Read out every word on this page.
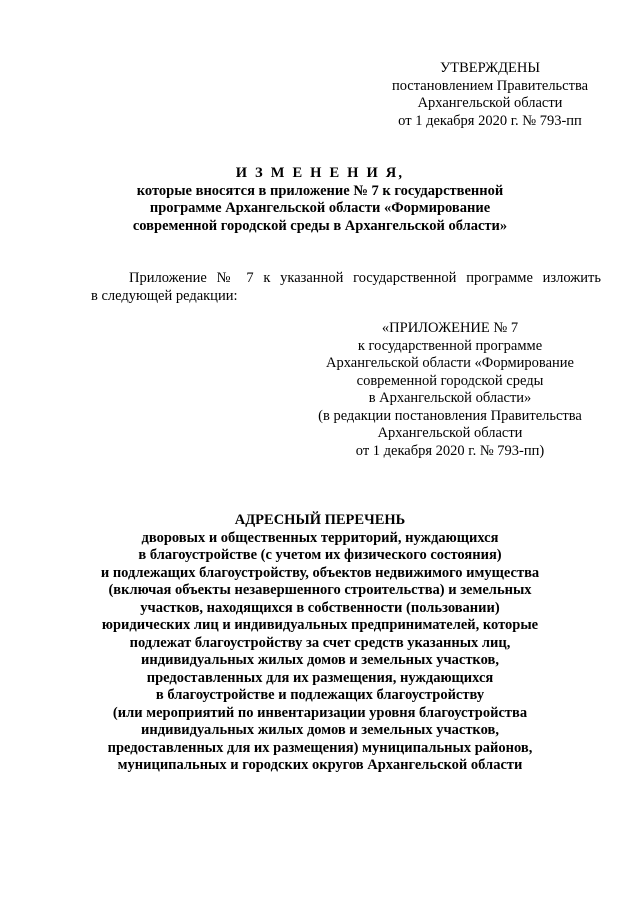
УТВЕРЖДЕНЫ
постановлением Правительства
Архангельской области
от 1 декабря 2020 г. № 793-пп
И З М Е Н Е Н И Я,
которые вносятся в приложение № 7 к государственной
программе Архангельской области «Формирование
современной городской среды в Архангельской области»
Приложение № 7 к указанной государственной программе изложить
в следующей редакции:
«ПРИЛОЖЕНИЕ № 7
к государственной программе
Архангельской области «Формирование
современной городской среды
в Архангельской области»
(в редакции постановления Правительства
Архангельской области
от 1 декабря 2020 г. № 793-пп)
АДРЕСНЫЙ ПЕРЕЧЕНЬ
дворовых и общественных территорий, нуждающихся
в благоустройстве (с учетом их физического состояния)
и подлежащих благоустройству, объектов недвижимого имущества
(включая объекты незавершенного строительства) и земельных
участков, находящихся в собственности (пользовании)
юридических лиц и индивидуальных предпринимателей, которые
подлежат благоустройству за счет средств указанных лиц,
индивидуальных жилых домов и земельных участков,
предоставленных для их размещения, нуждающихся
в благоустройстве и подлежащих благоустройству
(или мероприятий по инвентаризации уровня благоустройства
индивидуальных жилых домов и земельных участков,
предоставленных для их размещения) муниципальных районов,
муниципальных и городских округов Архангельской области
